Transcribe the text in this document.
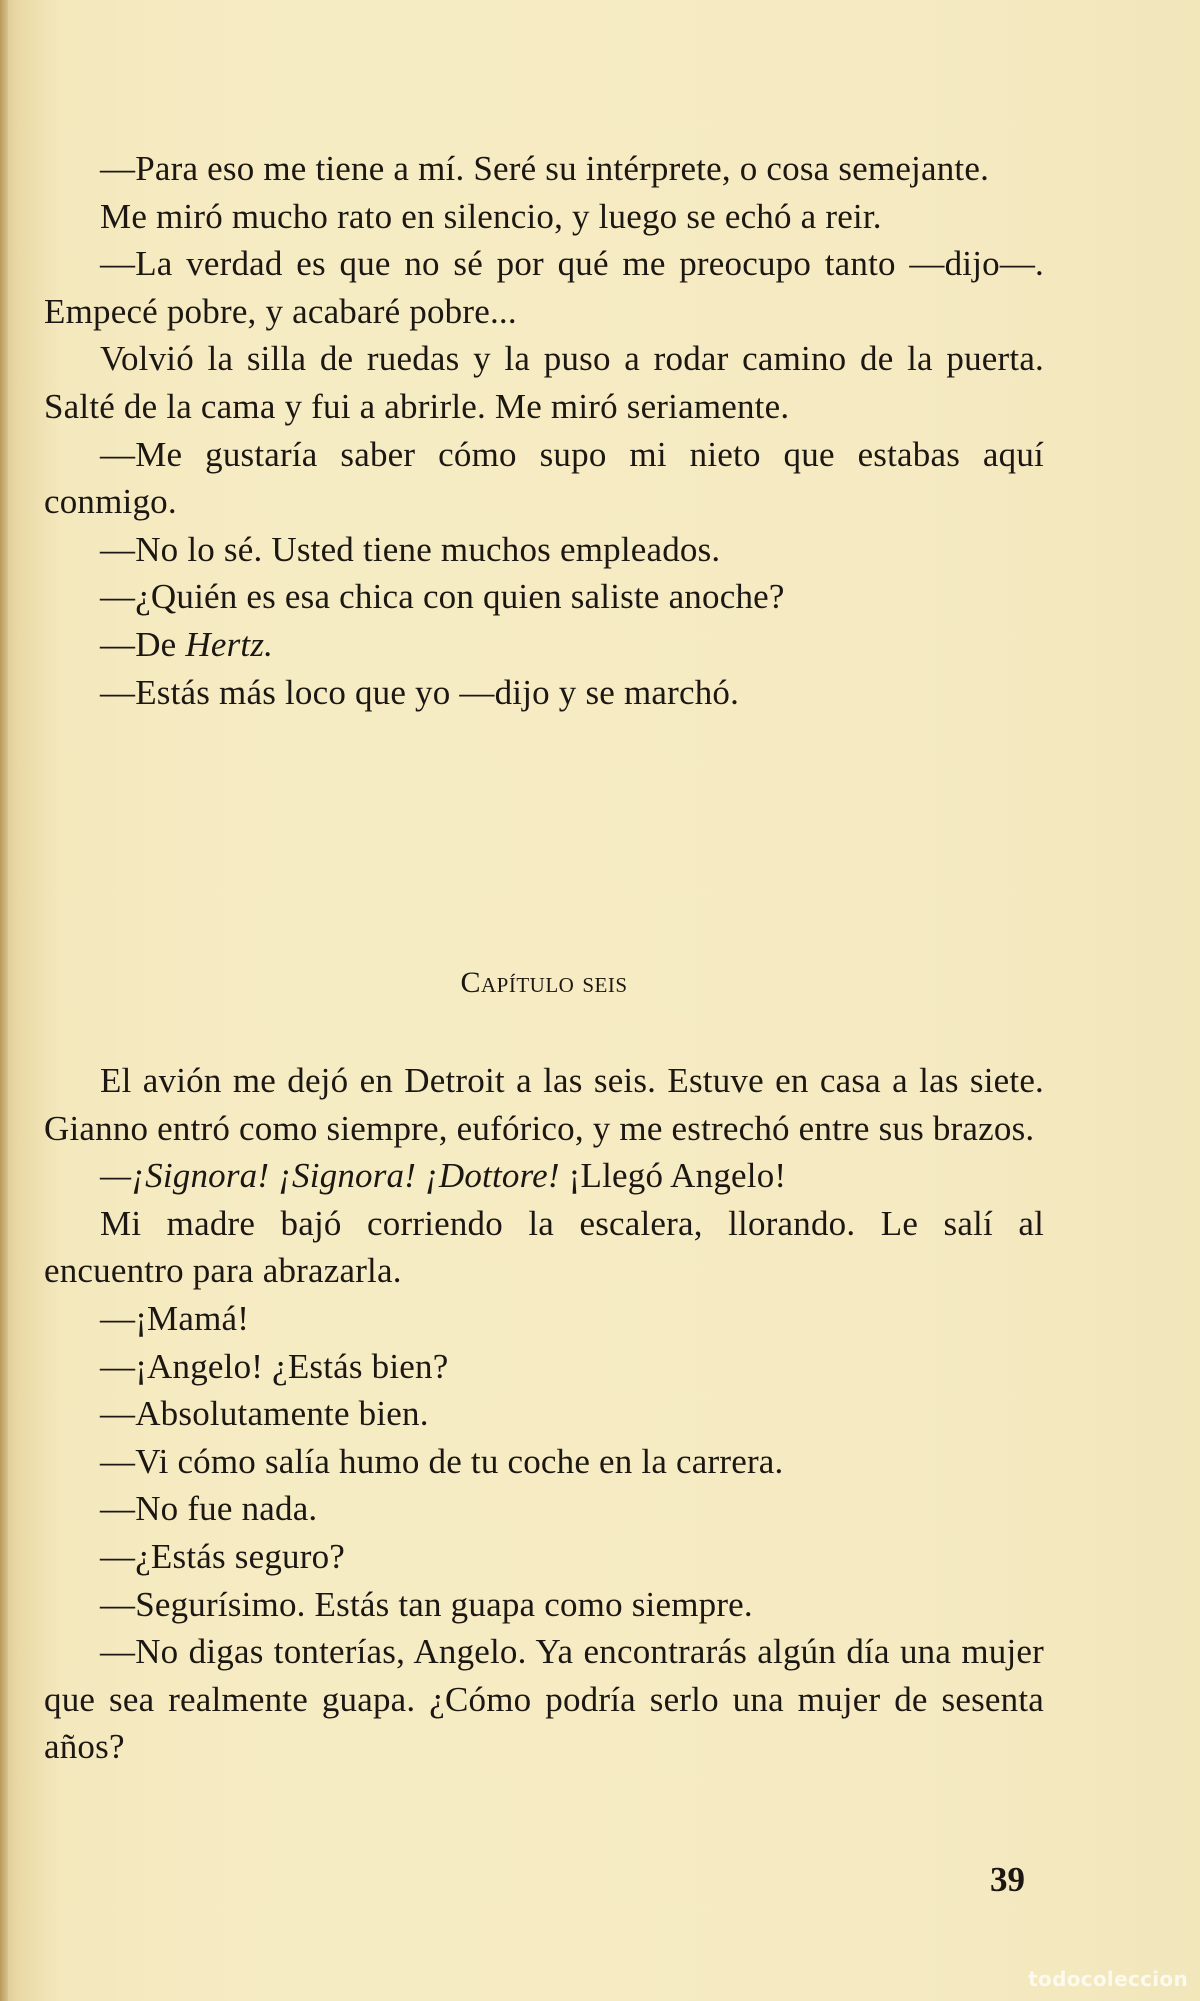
—Para eso me tiene a mí. Seré su intérprete, o cosa semejante.

Me miró mucho rato en silencio, y luego se echó a reir.

—La verdad es que no sé por qué me preocupo tanto —dijo—. Empecé pobre, y acabaré pobre...

Volvió la silla de ruedas y la puso a rodar camino de la puerta. Salté de la cama y fui a abrirle. Me miró seriamente.

—Me gustaría saber cómo supo mi nieto que estabas aquí conmigo.

—No lo sé. Usted tiene muchos empleados.

—¿Quién es esa chica con quien saliste anoche?

—De Hertz.

—Estás más loco que yo —dijo y se marchó.

Capítulo seis

El avión me dejó en Detroit a las seis. Estuve en casa a las siete. Gianno entró como siempre, eufórico, y me estrechó entre sus brazos.

—¡Signora! ¡Signora! ¡Dottore! ¡Llegó Angelo!

Mi madre bajó corriendo la escalera, llorando. Le salí al encuentro para abrazarla.

—¡Mamá!

—¡Angelo! ¿Estás bien?

—Absolutamente bien.

—Vi cómo salía humo de tu coche en la carrera.

—No fue nada.

—¿Estás seguro?

—Segurísimo. Estás tan guapa como siempre.

—No digas tonterías, Angelo. Ya encontrarás algún día una mujer que sea realmente guapa. ¿Cómo podría serlo una mujer de sesenta años?

39
todocoleccion
